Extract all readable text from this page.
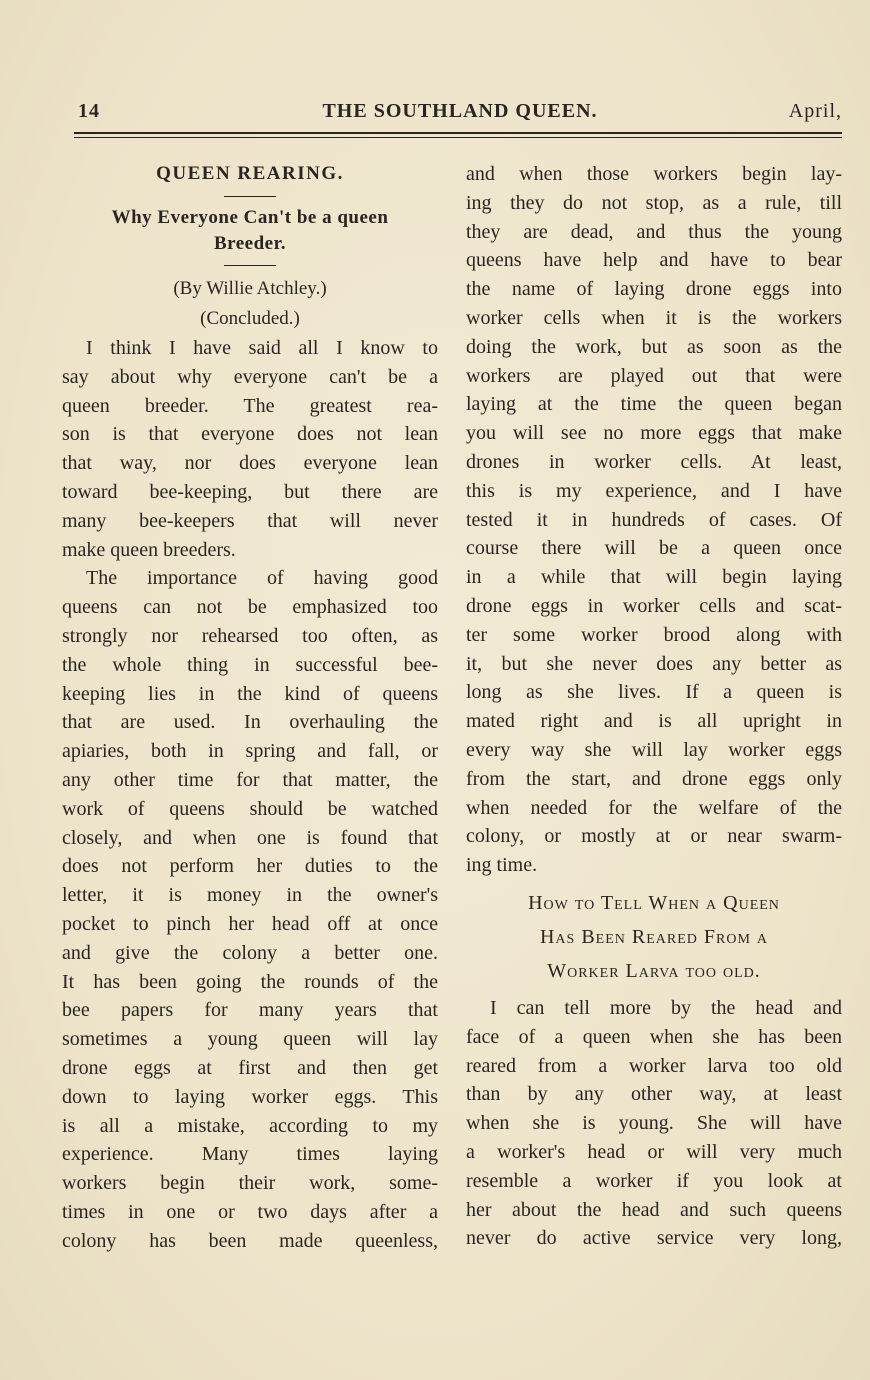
14	THE SOUTHLAND QUEEN.	April,
QUEEN REARING.
Why Everyone Can't be a queen
Breeder.
(By Willie Atchley.)
(Concluded.)
I think I have said all I know to
say about why everyone can't be a
queen breeder. The greatest rea-
son is that everyone does not lean
that way, nor does everyone lean
toward bee-keeping, but there are
many bee-keepers that will never
make queen breeders.
The importance of having good
queens can not be emphasized too
strongly nor rehearsed too often, as
the whole thing in successful bee-
keeping lies in the kind of queens
that are used. In overhauling the
apiaries, both in spring and fall, or
any other time for that matter, the
work of queens should be watched
closely, and when one is found that
does not perform her duties to the
letter, it is money in the owner's
pocket to pinch her head off at once
and give the colony a better one.
It has been going the rounds of the
bee papers for many years that
sometimes a young queen will lay
drone eggs at first and then get
down to laying worker eggs. This
is all a mistake, according to my
experience. Many times laying
workers begin their work, some-
times in one or two days after a
colony has been made queenless,
and when those workers begin lay-
ing they do not stop, as a rule, till
they are dead, and thus the young
queens have help and have to bear
the name of laying drone eggs into
worker cells when it is the workers
doing the work, but as soon as the
workers are played out that were
laying at the time the queen began
you will see no more eggs that make
drones in worker cells. At least,
this is my experience, and I have
tested it in hundreds of cases. Of
course there will be a queen once
in a while that will begin laying
drone eggs in worker cells and scat-
ter some worker brood along with
it, but she never does any better as
long as she lives. If a queen is
mated right and is all upright in
every way she will lay worker eggs
from the start, and drone eggs only
when needed for the welfare of the
colony, or mostly at or near swarm-
ing time.
How to Tell When a Queen
Has Been Reared From a
Worker Larva too old.
I can tell more by the head and
face of a queen when she has been
reared from a worker larva too old
than by any other way, at least
when she is young. She will have
a worker's head or will very much
resemble a worker if you look at
her about the head and such queens
never do active service very long,
